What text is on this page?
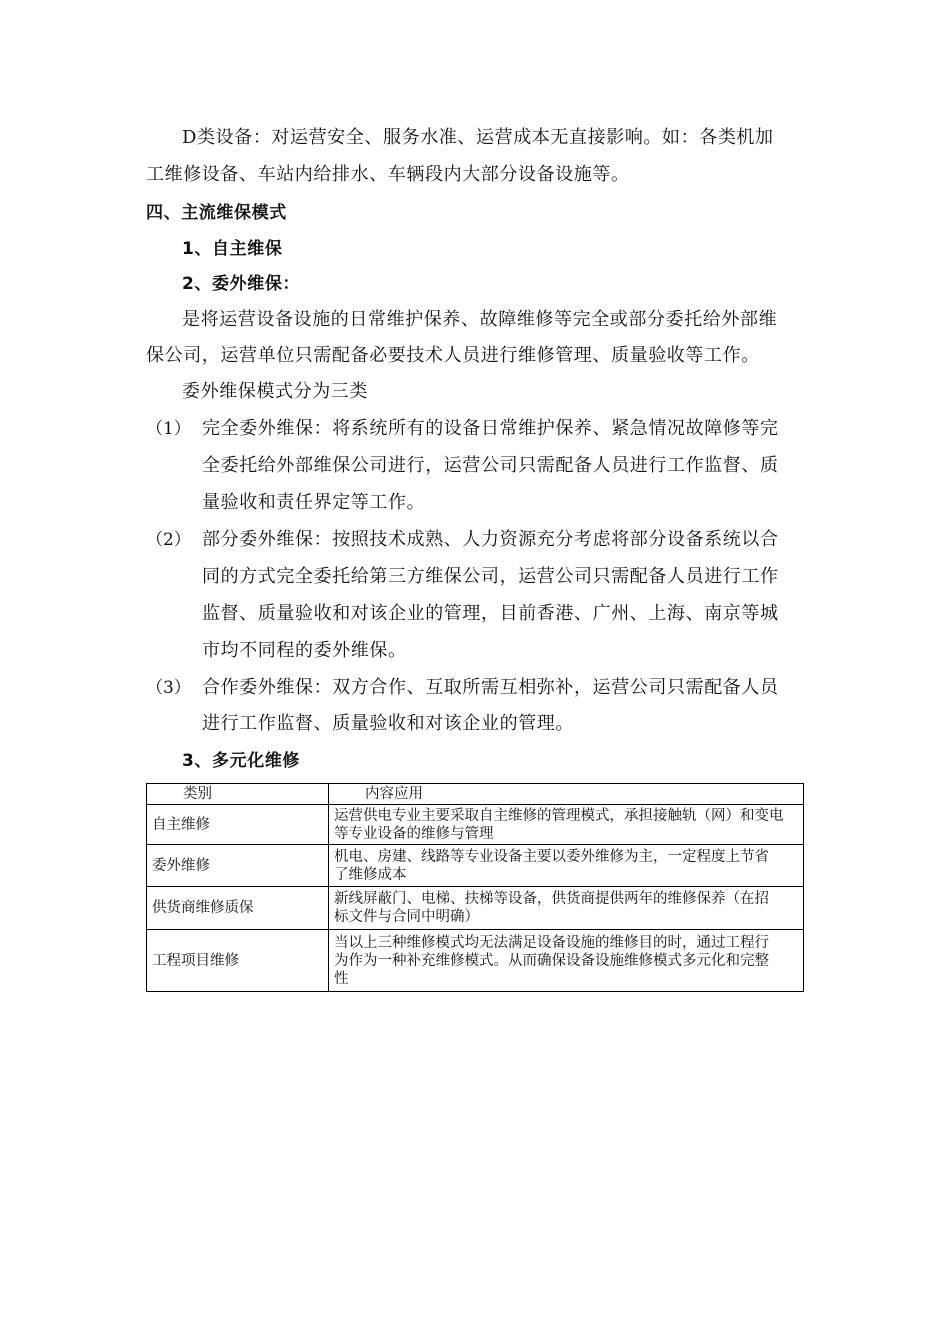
D类设备：对运营安全、服务水准、运营成本无直接影响。如：各类机加
工维修设备、车站内给排水、车辆段内大部分设备设施等。
四、主流维保模式
1、自主维保
2、委外维保：
是将运营设备设施的日常维护保养、故障维修等完全或部分委托给外部维
保公司，运营单位只需配备必要技术人员进行维修管理、质量验收等工作。
委外维保模式分为三类
（1） 完全委外维保：将系统所有的设备日常维护保养、紧急情况故障修等完
全委托给外部维保公司进行，运营公司只需配备人员进行工作监督、质
量验收和责任界定等工作。
（2） 部分委外维保：按照技术成熟、人力资源充分考虑将部分设备系统以合
同的方式完全委托给第三方维保公司，运营公司只需配备人员进行工作
监督、质量验收和对该企业的管理，目前香港、广州、上海、南京等城
市均不同程的委外维保。
（3） 合作委外维保：双方合作、互取所需互相弥补，运营公司只需配备人员
进行工作监督、质量验收和对该企业的管理。
3、多元化维修
类别	内容应用
自主维修	运营供电专业主要采取自主维修的管理模式，承担接触轨（网）和变电
等专业设备的维修与管理

委外维修	机电、房建、线路等专业设备主要以委外维修为主，一定程度上节省
了维修成本

供货商维修质保	新线屏蔽门、电梯、扶梯等设备，供货商提供两年的维修保养（在招
标文件与合同中明确）

工程项目维修	当以上三种维修模式均无法满足设备设施的维修目的时，通过工程行
为作为一种补充维修模式。从而确保设备设施维修模式多元化和完整
性
